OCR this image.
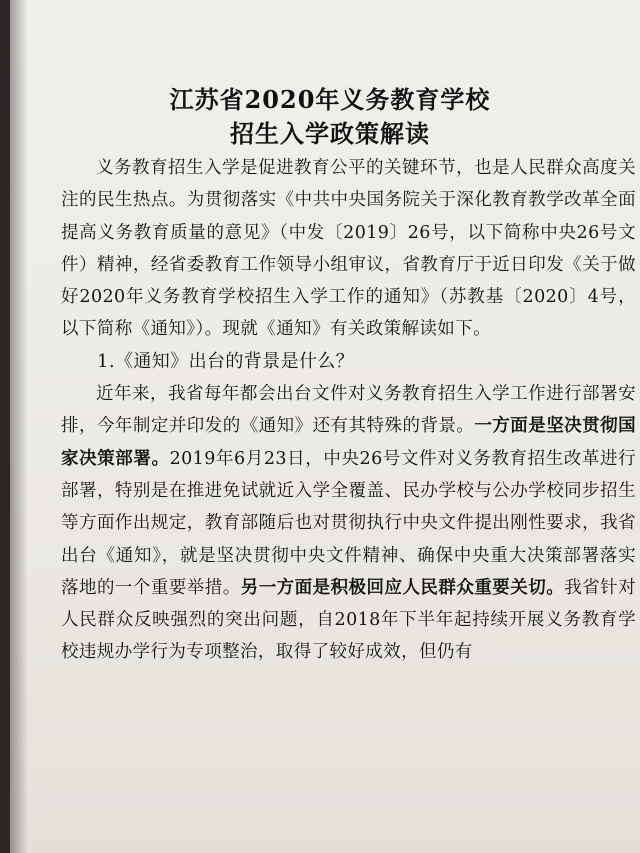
江苏省2020年义务教育学校
招生入学政策解读

义务教育招生入学是促进教育公平的关键环节，也是人民群众高度关注的民生热点。为贯彻落实《中共中央国务院关于深化教育教学改革全面提高义务教育质量的意见》（中发〔2019〕26号，以下简称中央26号文件）精神，经省委教育工作领导小组审议，省教育厅于近日印发《关于做好2020年义务教育学校招生入学工作的通知》（苏教基〔2020〕4号，以下简称《通知》）。现就《通知》有关政策解读如下。

1.《通知》出台的背景是什么？

近年来，我省每年都会出台文件对义务教育招生入学工作进行部署安排，今年制定并印发的《通知》还有其特殊的背景。一方面是坚决贯彻国家决策部署。2019年6月23日，中央26号文件对义务教育招生改革进行部署，特别是在推进免试就近入学全覆盖、民办学校与公办学校同步招生等方面作出规定，教育部随后也对贯彻执行中央文件提出刚性要求，我省出台《通知》，就是坚决贯彻中央文件精神、确保中央重大决策部署落实落地的一个重要举措。另一方面是积极回应人民群众重要关切。我省针对人民群众反映强烈的突出问题，自2018年下半年起持续开展义务教育学校违规办学行为专项整治，取得了较好成效，但仍有
